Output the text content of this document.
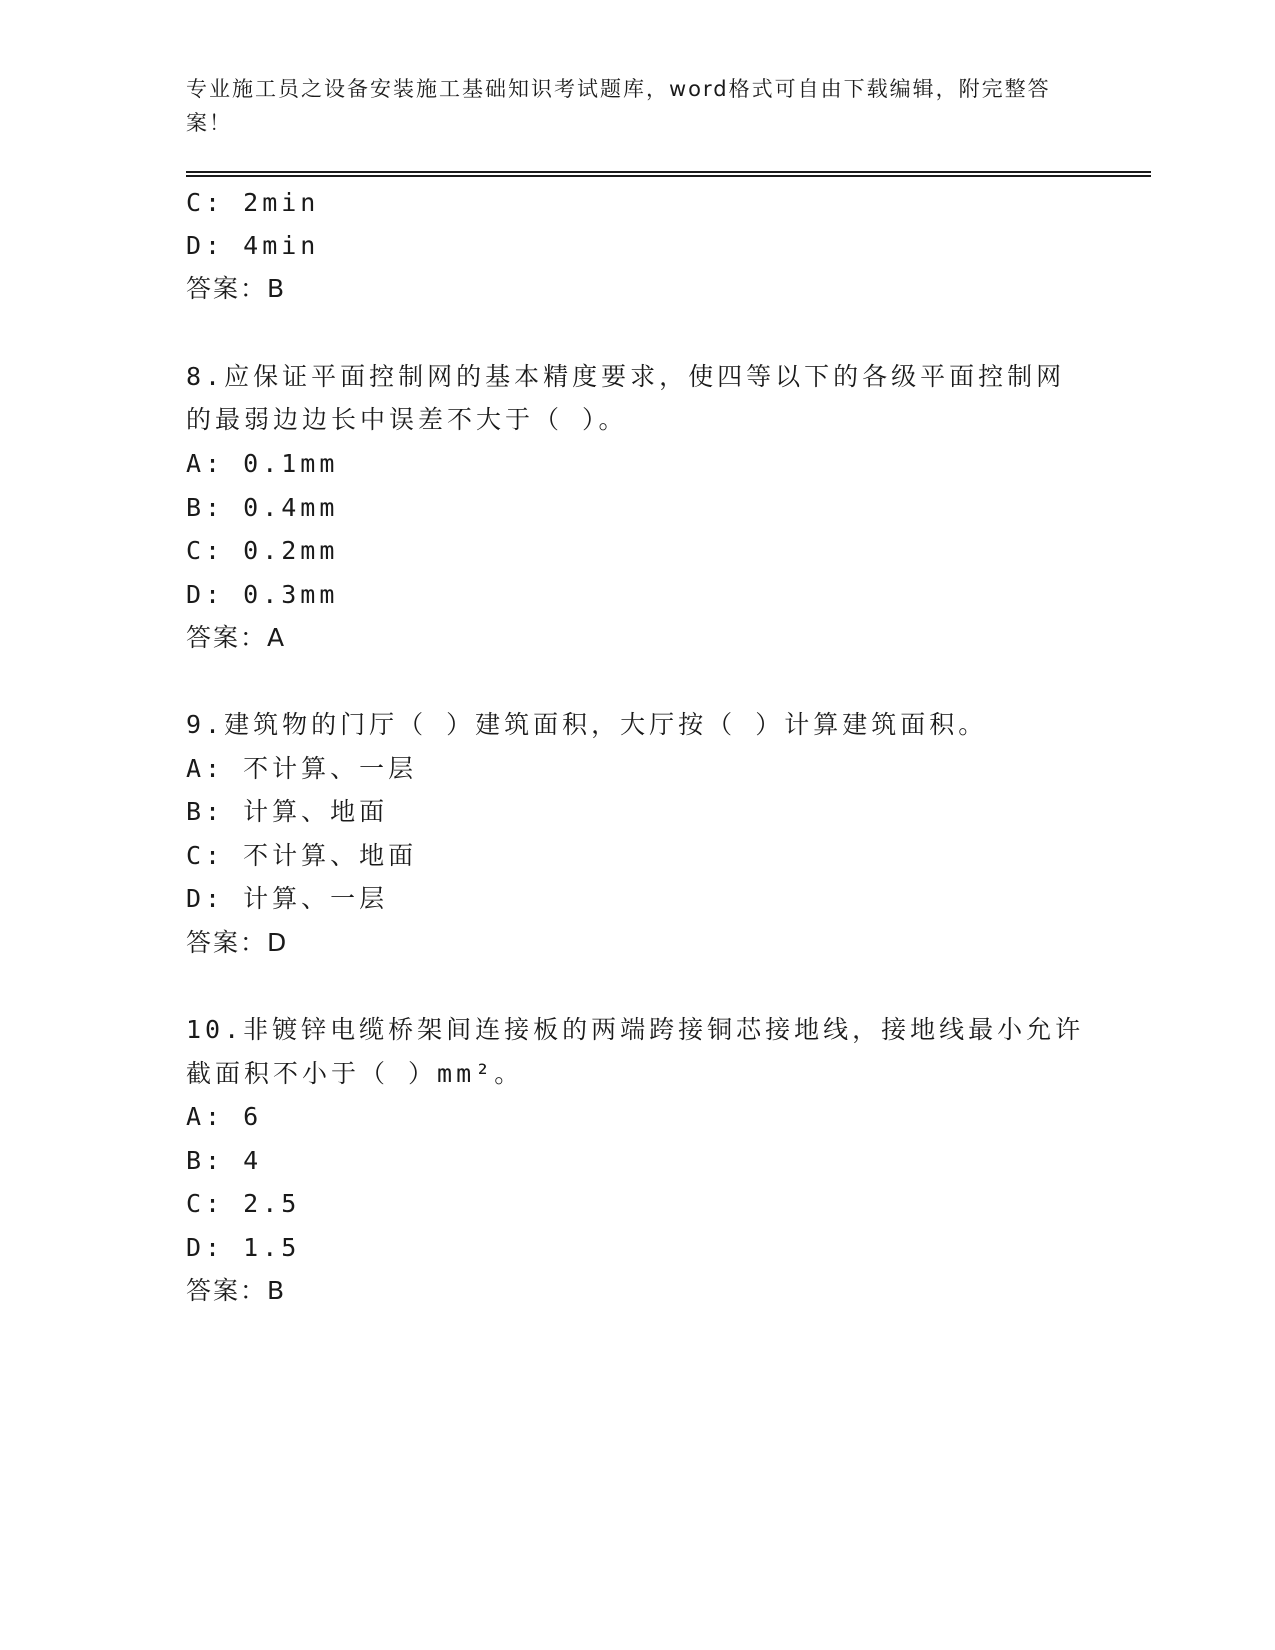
专业施工员之设备安装施工基础知识考试题库，word格式可自由下载编辑，附完整答案！
C: 2min
D: 4min
答案：B
8.应保证平面控制网的基本精度要求，使四等以下的各级平面控制网
的最弱边边长中误差不大于（ ）。
A: 0.1mm
B: 0.4mm
C: 0.2mm
D: 0.3mm
答案：A
9.建筑物的门厅（ ）建筑面积，大厅按（ ）计算建筑面积。
A: 不计算、一层
B: 计算、地面
C: 不计算、地面
D: 计算、一层
答案：D
10.非镀锌电缆桥架间连接板的两端跨接铜芯接地线，接地线最小允许
截面积不小于（ ）mm²。
A: 6
B: 4
C: 2.5
D: 1.5
答案：B
